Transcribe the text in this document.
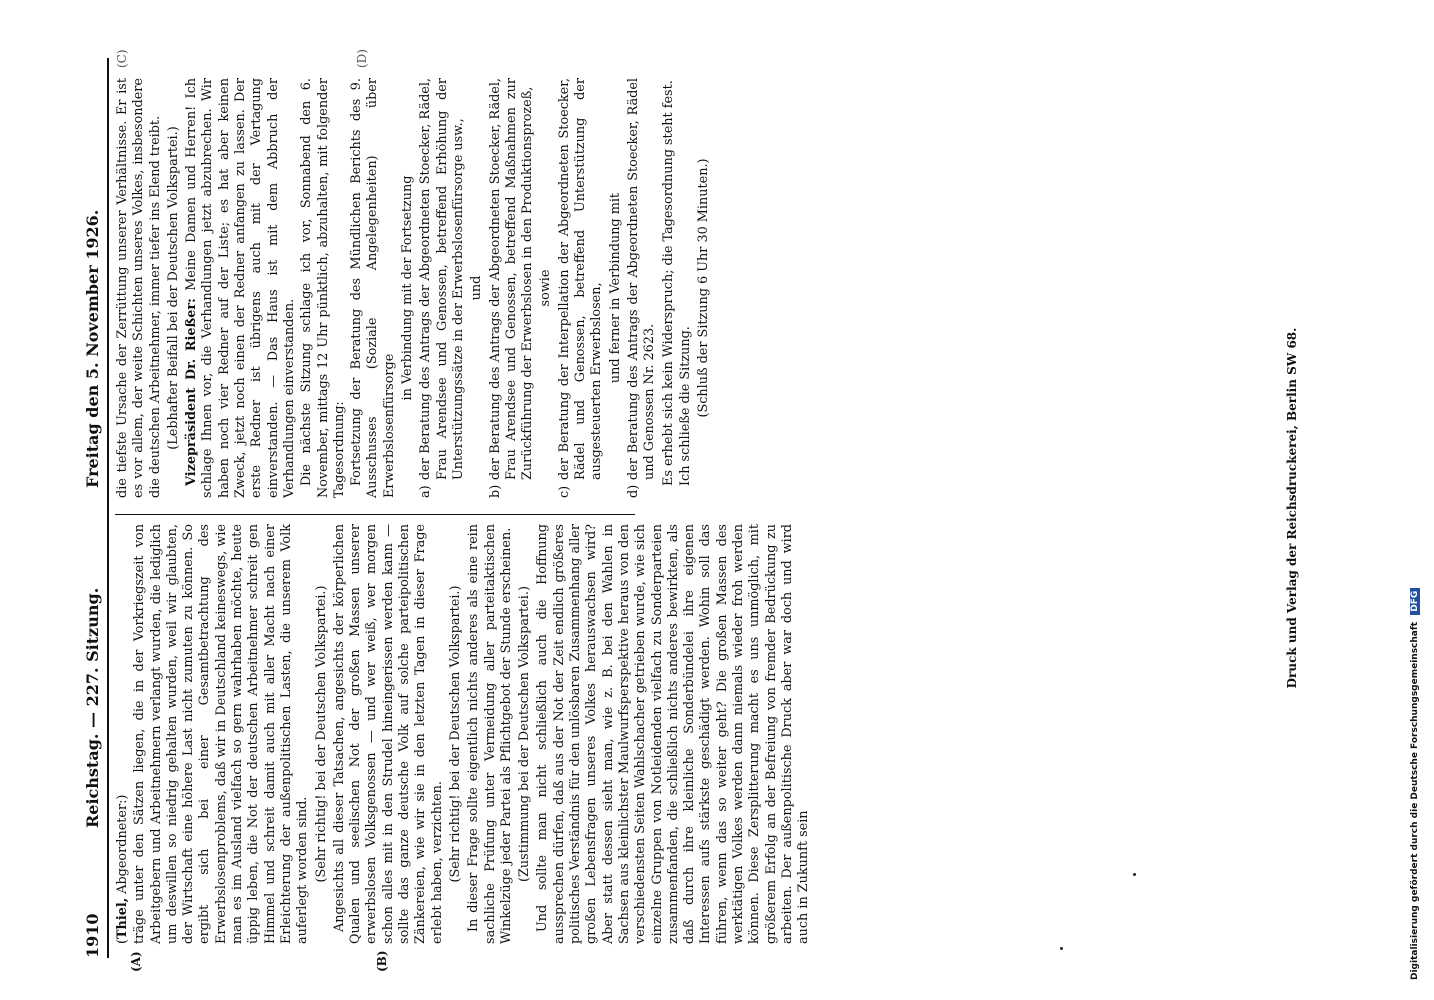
1910
Reichstag. — 227. Sitzung.
Freitag den 5. November 1926.
(A)	(B)
(C)	(D)

(Thiel, Abgeordneter:) träge unter den Sätzen liegen, die in der Vorkriegszeit von Arbeitgebern und Arbeitnehmern verlangt wurden, die lediglich um deswillen so niedrig gehalten wurden, weil wir glaubten, der Wirtschaft eine höhere Last nicht zumuten zu können. So ergibt sich bei einer Gesamtbetrachtung des Erwerbslosenproblems, daß wir in Deutschland keineswegs, wie man es im Ausland vielfach so gern wahrhaben möchte, heute üppig leben, die Not der deutschen Arbeitnehmer schreit gen Himmel und schreit damit auch mit aller Macht nach einer Erleichterung der außenpolitischen Lasten, die unserem Volk auferlegt worden sind. (Sehr richtig! bei der Deutschen Volkspartei.) Angesichts all dieser Tatsachen, angesichts der körperlichen Qualen und seelischen Not der großen Massen unserer erwerbslosen Volksgenossen — und wer weiß, wer morgen schon alles mit in den Strudel hineingerissen werden kann — sollte das ganze deutsche Volk auf solche parteipolitischen Zänkereien, wie wir sie in den letzten Tagen in dieser Frage erlebt haben, verzichten. (Sehr richtig! bei der Deutschen Volkspartei.) In dieser Frage sollte eigentlich nichts anderes als eine rein sachliche Prüfung unter Vermeidung aller parteitaktischen Winkelzüge jeder Partei als Pflichtgebot der Stunde erscheinen. (Zustimmung bei der Deutschen Volkspartei.) Und sollte man nicht schließlich auch die Hoffnung aussprechen dürfen, daß aus der Not der Zeit endlich größeres politisches Verständnis für den unlösbaren Zusammenhang aller großen Lebensfragen unseres Volkes herauswachsen wird? Aber statt dessen sieht man, wie z. B. bei den Wahlen in Sachsen aus kleinlichster Maulwurfsperspektive heraus von den verschiedensten Seiten Wahlschacher getrieben wurde, wie sich einzelne Gruppen von Notleidenden vielfach zu Sonderparteien zusammenfanden, die schließlich nichts anderes bewirkten, als daß durch ihre kleinliche Sonderbündelei ihre eigenen Interessen aufs stärkste geschädigt werden. Wohin soll das führen, wenn das so weiter geht? Die großen Massen des werktätigen Volkes werden dann niemals wieder froh werden können. Diese Zersplitterung macht es uns unmöglich, mit größerem Erfolg an der Befreiung von fremder Bedrückung zu arbeiten. Der außenpolitische Druck aber war doch und wird auch in Zukunft sein

die tiefste Ursache der Zerrüttung unserer Verhältnisse. Er ist es vor allem, der weite Schichten unseres Volkes, insbesondere die deutschen Arbeitnehmer, immer tiefer ins Elend treibt. (Lebhafter Beifall bei der Deutschen Volkspartei.) Vizepräsident Dr. Rießer: Meine Damen und Herren! Ich schlage Ihnen vor, die Verhandlungen jetzt abzubrechen. Wir haben noch vier Redner auf der Liste; es hat aber keinen Zweck, jetzt noch einen der Redner anfangen zu lassen. Der erste Redner ist übrigens auch mit der Vertagung einverstanden. — Das Haus ist mit dem Abbruch der Verhandlungen einverstanden. Die nächste Sitzung schlage ich vor, Sonnabend den 6. November, mittags 12 Uhr pünktlich, abzuhalten, mit folgender Tagesordnung: Fortsetzung der Beratung des Mündlichen Berichts des 9. Ausschusses (Soziale Angelegenheiten) über Erwerbslosenfürsorge

in Verbindung mit der Fortsetzung

a)
der Beratung des Antrags der Abgeordneten Stoecker, Rädel, Frau Arendsee und Genossen, betreffend Erhöhung der Unterstützungssätze in der Erwerbslosenfürsorge usw., und

b)
der Beratung des Antrags der Abgeordneten Stoecker, Rädel, Frau Arendsee und Genossen, betreffend Maßnahmen zur Zurückführung der Erwerbslosen in den Produktionsprozeß, sowie

c)
der Beratung der Interpellation der Abgeordneten Stoecker, Rädel und Genossen, betreffend Unterstützung der ausgesteuerten Erwerbslosen, und ferner in Verbindung mit

d)
der Beratung des Antrags der Abgeordneten Stoecker, Rädel und Genossen Nr. 2623. Es erhebt sich kein Widerspruch; die Tagesordnung steht fest. Ich schließe die Sitzung. (Schluß der Sitzung 6 Uhr 30 Minuten.)

Druck und Verlag der Reichsdruckerei, Berlin SW 68.
Digitalisierung gefördert durch die Deutsche Forschungsgemeinschaft DFG
